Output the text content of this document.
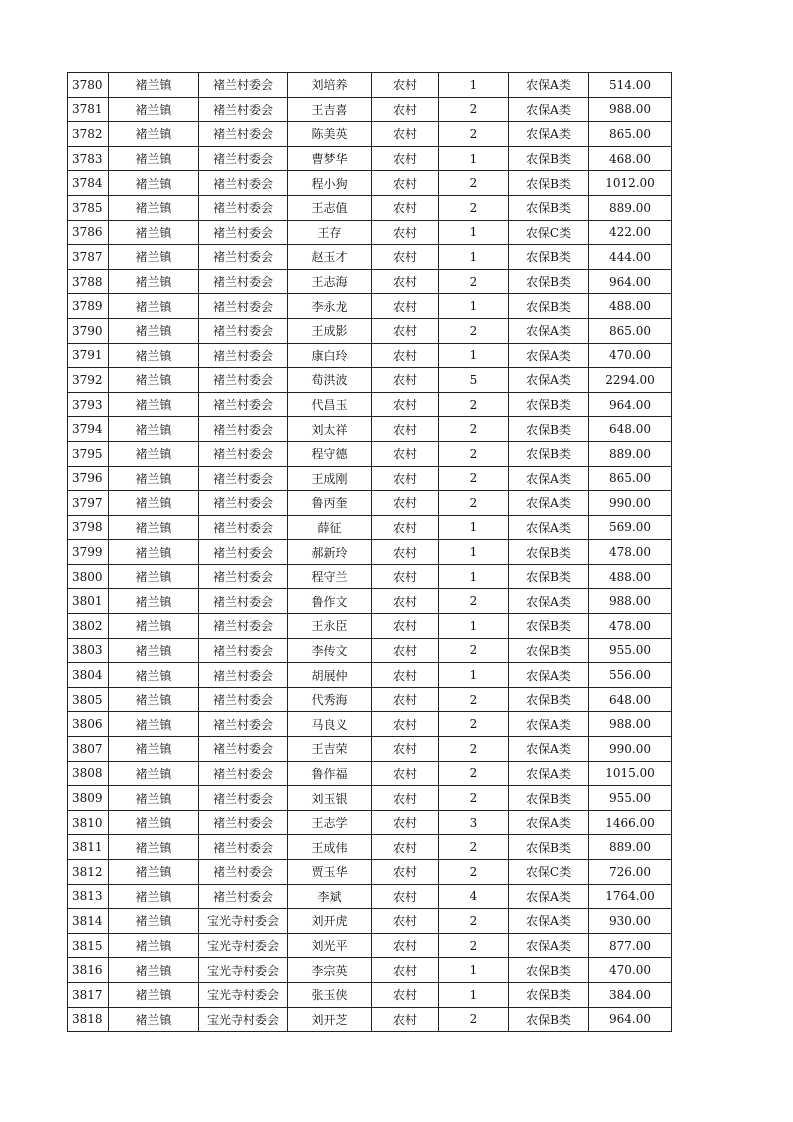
3780	褚兰镇	褚兰村委会	刘培养	农村	1	农保A类	514.00
3781	褚兰镇	褚兰村委会	王吉喜	农村	2	农保A类	988.00
3782	褚兰镇	褚兰村委会	陈美英	农村	2	农保A类	865.00
3783	褚兰镇	褚兰村委会	曹梦华	农村	1	农保B类	468.00
3784	褚兰镇	褚兰村委会	程小狗	农村	2	农保B类	1012.00
3785	褚兰镇	褚兰村委会	王志值	农村	2	农保B类	889.00
3786	褚兰镇	褚兰村委会	王存	农村	1	农保C类	422.00
3787	褚兰镇	褚兰村委会	赵玉才	农村	1	农保B类	444.00
3788	褚兰镇	褚兰村委会	王志海	农村	2	农保B类	964.00
3789	褚兰镇	褚兰村委会	李永龙	农村	1	农保B类	488.00
3790	褚兰镇	褚兰村委会	王成影	农村	2	农保A类	865.00
3791	褚兰镇	褚兰村委会	康白玲	农村	1	农保A类	470.00
3792	褚兰镇	褚兰村委会	荀洪波	农村	5	农保A类	2294.00
3793	褚兰镇	褚兰村委会	代昌玉	农村	2	农保B类	964.00
3794	褚兰镇	褚兰村委会	刘太祥	农村	2	农保B类	648.00
3795	褚兰镇	褚兰村委会	程守德	农村	2	农保B类	889.00
3796	褚兰镇	褚兰村委会	王成刚	农村	2	农保A类	865.00
3797	褚兰镇	褚兰村委会	鲁丙奎	农村	2	农保A类	990.00
3798	褚兰镇	褚兰村委会	薛征	农村	1	农保A类	569.00
3799	褚兰镇	褚兰村委会	郝新玲	农村	1	农保B类	478.00
3800	褚兰镇	褚兰村委会	程守兰	农村	1	农保B类	488.00
3801	褚兰镇	褚兰村委会	鲁作文	农村	2	农保A类	988.00
3802	褚兰镇	褚兰村委会	王永臣	农村	1	农保B类	478.00
3803	褚兰镇	褚兰村委会	李传文	农村	2	农保B类	955.00
3804	褚兰镇	褚兰村委会	胡展仲	农村	1	农保A类	556.00
3805	褚兰镇	褚兰村委会	代秀海	农村	2	农保B类	648.00
3806	褚兰镇	褚兰村委会	马良义	农村	2	农保A类	988.00
3807	褚兰镇	褚兰村委会	王吉荣	农村	2	农保A类	990.00
3808	褚兰镇	褚兰村委会	鲁作福	农村	2	农保A类	1015.00
3809	褚兰镇	褚兰村委会	刘玉银	农村	2	农保B类	955.00
3810	褚兰镇	褚兰村委会	王志学	农村	3	农保A类	1466.00
3811	褚兰镇	褚兰村委会	王成伟	农村	2	农保B类	889.00
3812	褚兰镇	褚兰村委会	贾玉华	农村	2	农保C类	726.00
3813	褚兰镇	褚兰村委会	李斌	农村	4	农保A类	1764.00
3814	褚兰镇	宝光寺村委会	刘开虎	农村	2	农保A类	930.00
3815	褚兰镇	宝光寺村委会	刘光平	农村	2	农保A类	877.00
3816	褚兰镇	宝光寺村委会	李宗英	农村	1	农保B类	470.00
3817	褚兰镇	宝光寺村委会	张玉侠	农村	1	农保B类	384.00
3818	褚兰镇	宝光寺村委会	刘开芝	农村	2	农保B类	964.00
